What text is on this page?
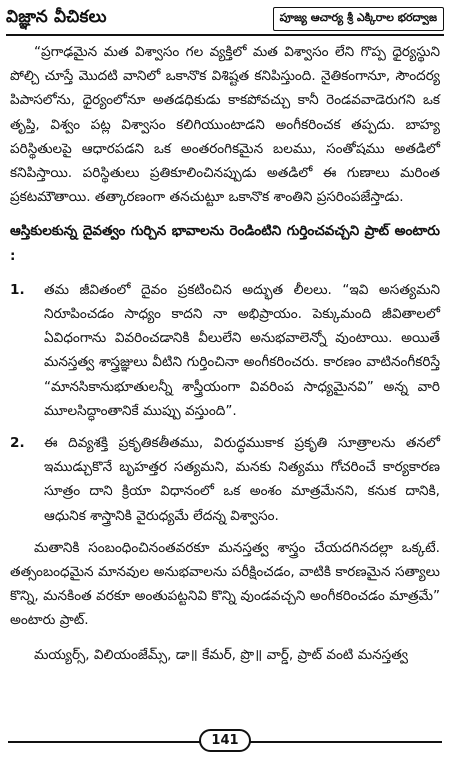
విజ్ఞాన వీచికలు	పూజ్య ఆచార్య శ్రీ ఎక్కిరాల భరద్వాజ

“ప్రగాఢమైన మత విశ్వాసం గల వ్యక్తిలో మత విశ్వాసం లేని గొప్ప ధైర్యస్థుని పోల్చి చూస్తే మొదటి వానిలో ఒకానొక విశిష్టత కనిపిస్తుంది. నైతికంగానూ, సౌందర్య పిపాసలోను, ధైర్యంలోనూ అతడధికుడు కాకపోవచ్చు కానీ రెండవవాడెరుగని ఒక తృప్తి, విశ్వం పట్ల విశ్వాసం కలిగియుంటాడని అంగీకరించక తప్పదు. బాహ్య పరిస్థితులపై ఆధారపడని ఒక అంతరంగికమైన బలము, సంతోషము అతడిలో కనిపిస్తాయి. పరిస్థితులు ప్రతికూలించినప్పుడు అతడిలో ఈ గుణాలు మరింత ప్రకటమౌతాయి. తత్కారణంగా తనచుట్టూ ఒకానొక శాంతిని ప్రసరింపజేస్తాడు.

ఆస్తికులకున్న దైవత్వం గుర్చిన భావాలను రెండింటిని గుర్తించవచ్చని ప్రాట్ అంటారు :

1.	తమ జీవితంలో దైవం ప్రకటించిన అద్భుత లీలలు. “ఇవి అసత్యమని నిరూపించడం సాధ్యం కాదని నా అభిప్రాయం. పెక్కుమంది జీవితాలలో ఏవిధంగాను వివరించడానికి వీలులేని అనుభవాలెన్నో వుంటాయి. అయితే మనస్తత్వ శాస్త్రజ్ఞులు వీటిని గుర్తించినా అంగీకరించరు. కారణం వాటినంగీకరిస్తే “మానసికానుభూతులన్నీ శాస్త్రీయంగా వివరింప సాధ్యమైనవి” అన్న వారి మూలసిద్ధాంతానికే ముప్పు వస్తుంది”.
2.	ఈ దివ్యశక్తి ప్రకృతికతీతము, విరుద్ధముకాక ప్రకృతి సూత్రాలను తనలో ఇముడ్చుకొనే బృహత్తర సత్యమని, మనకు నిత్యము గోచరించే కార్యకారణ సూత్రం దాని క్రియా విధానంలో ఒక అంశం మాత్రమేనని, కనుక దానికి, ఆధునిక శాస్త్రానికి వైరుధ్యమే లేదన్న విశ్వాసం.

మతానికి సంబంధించినంతవరకూ మనస్తత్వ శాస్త్రం చేయదగినదల్లా ఒక్కటే. తత్సంబంధమైన మానవుల అనుభవాలను పరీక్షించడం, వాటికి కారణమైన సత్యాలు కొన్ని, మనకింత వరకూ అంతుపట్టనివి కొన్ని వుండవచ్చని అంగీకరించడం మాత్రమే” అంటారు ప్రాట్.

మయ్యర్స్, విలియంజేమ్స్, డా॥ కేమర్, ప్రొ॥ వార్డ్, ప్రాట్ వంటి మనస్తత్వ

141
